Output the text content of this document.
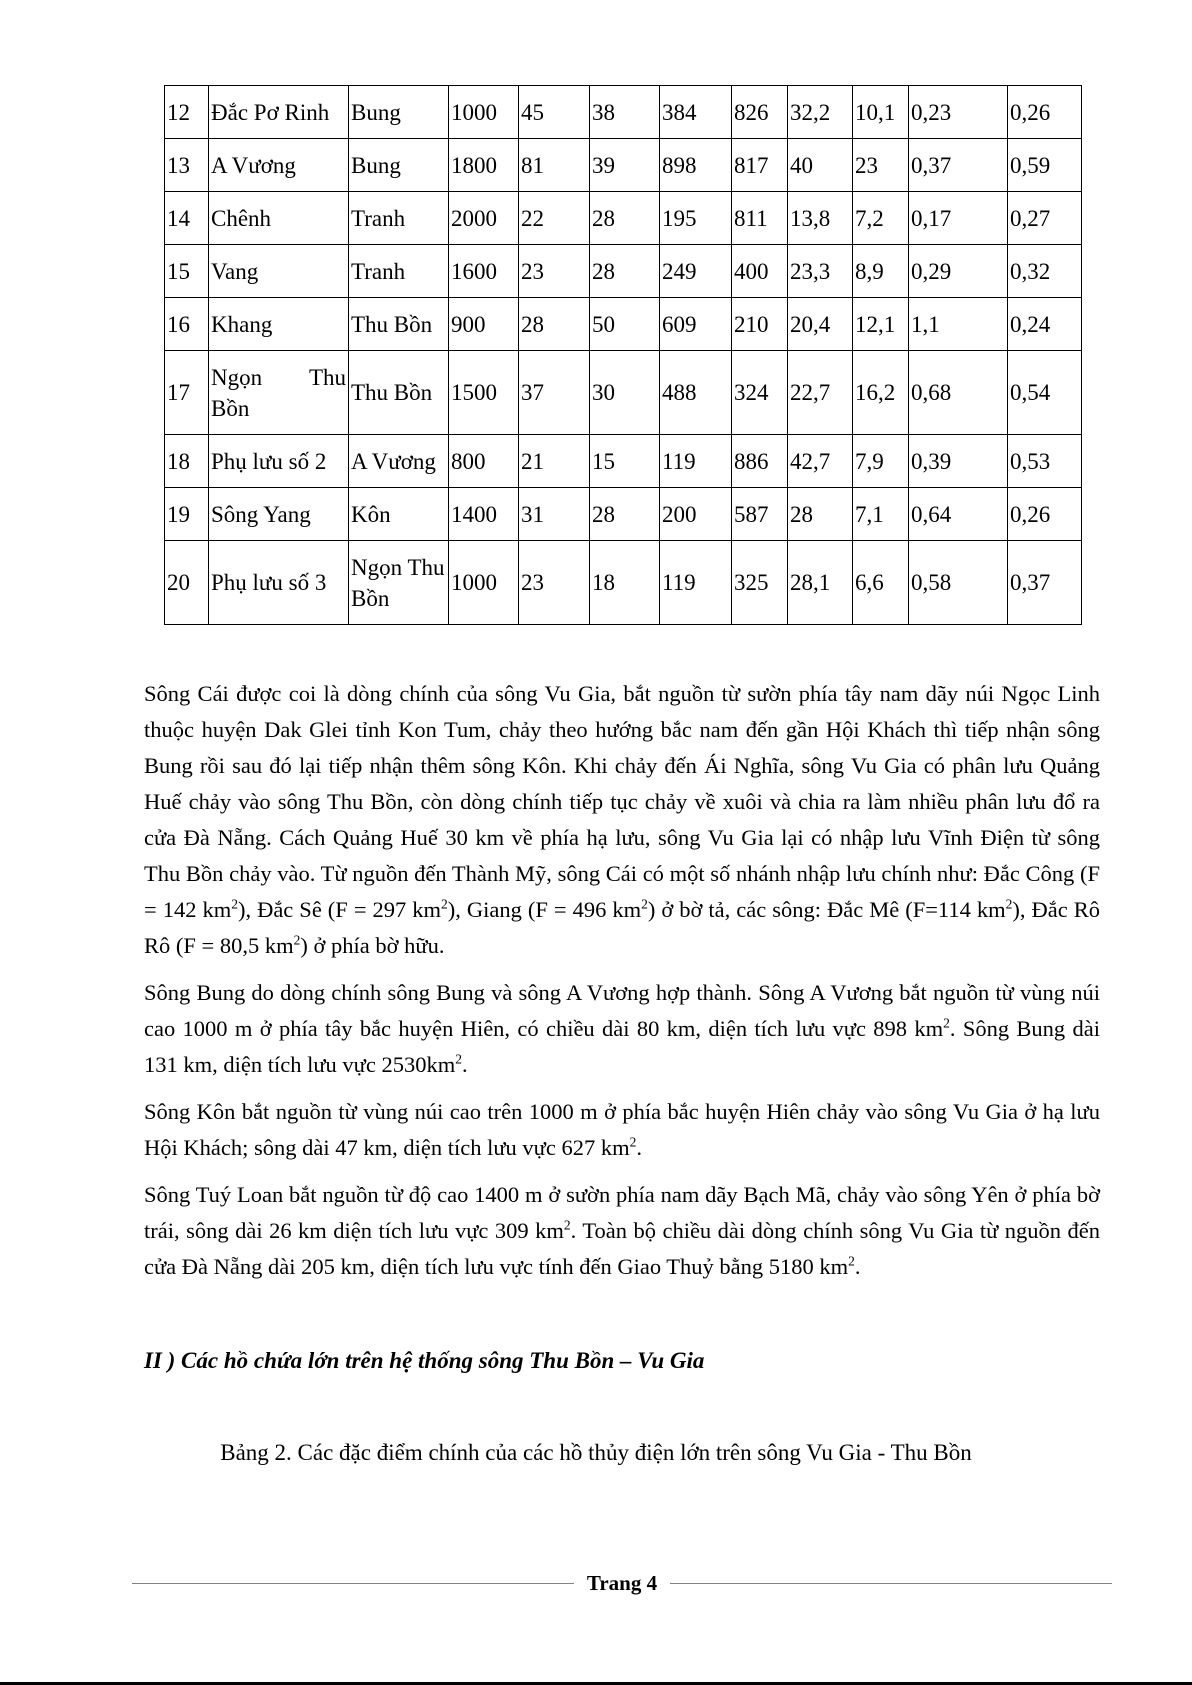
12	Đắc Pơ Rinh	Bung	1000	45	38	384	826	32,2	10,1	0,23	0,26
13	A Vương	Bung	1800	81	39	898	817	40	23	0,37	0,59
14	Chênh	Tranh	2000	22	28	195	811	13,8	7,2	0,17	0,27
15	Vang	Tranh	1600	23	28	249	400	23,3	8,9	0,29	0,32
16	Khang	Thu Bồn	900	28	50	609	210	20,4	12,1	1,1	0,24
17	Ngọn Thu Bồn	Thu Bồn	1500	37	30	488	324	22,7	16,2	0,68	0,54
18	Phụ lưu số 2	A Vương	800	21	15	119	886	42,7	7,9	0,39	0,53
19	Sông Yang	Kôn	1400	31	28	200	587	28	7,1	0,64	0,26
20	Phụ lưu số 3	Ngọn Thu Bồn	1000	23	18	119	325	28,1	6,6	0,58	0,37

Sông Cái được coi là dòng chính của sông Vu Gia, bắt nguồn từ sườn phía tây nam dãy núi Ngọc Linh thuộc huyện Dak Glei tỉnh Kon Tum, chảy theo hướng bắc nam đến gần Hội Khách thì tiếp nhận sông Bung rồi sau đó lại tiếp nhận thêm sông Kôn. Khi chảy đến Ái Nghĩa, sông Vu Gia có phân lưu Quảng Huế chảy vào sông Thu Bồn, còn dòng chính tiếp tục chảy về xuôi và chia ra làm nhiều phân lưu đổ ra cửa Đà Nẵng. Cách Quảng Huế 30 km về phía hạ lưu, sông Vu Gia lại có nhập lưu Vĩnh Điện từ sông Thu Bồn chảy vào. Từ nguồn đến Thành Mỹ, sông Cái có một số nhánh nhập lưu chính như: Đắc Công (F = 142 $km^2$), Đắc Sê (F = 297 $km^2$), Giang (F = 496 $km^2$) ở bờ tả, các sông: Đắc Mê (F=114 $km^2$), Đắc Rô Rô (F = 80,5 $km^2$) ở phía bờ hữu.

Sông Bung do dòng chính sông Bung và sông A Vương hợp thành. Sông A Vương bắt nguồn từ vùng núi cao 1000 m ở phía tây bắc huyện Hiên, có chiều dài 80 km, diện tích lưu vực 898 $km^2$. Sông Bung dài 131 km, diện tích lưu vực $2530km^2$.

Sông Kôn bắt nguồn từ vùng núi cao trên 1000 m ở phía bắc huyện Hiên chảy vào sông Vu Gia ở hạ lưu Hội Khách; sông dài 47 km, diện tích lưu vực 627 $km^2$.

Sông Tuý Loan bắt nguồn từ độ cao 1400 m ở sườn phía nam dãy Bạch Mã, chảy vào sông Yên ở phía bờ trái, sông dài 26 km diện tích lưu vực 309 $km^2$. Toàn bộ chiều dài dòng chính sông Vu Gia từ nguồn đến cửa Đà Nẵng dài 205 km, diện tích lưu vực tính đến Giao Thuỷ bằng 5180 $km^2$.

II ) Các hồ chứa lớn trên hệ thống sông Thu Bồn – Vu Gia
Bảng 2. Các đặc điểm chính của các hồ thủy điện lớn trên sông Vu Gia - Thu Bồn
Trang 4
